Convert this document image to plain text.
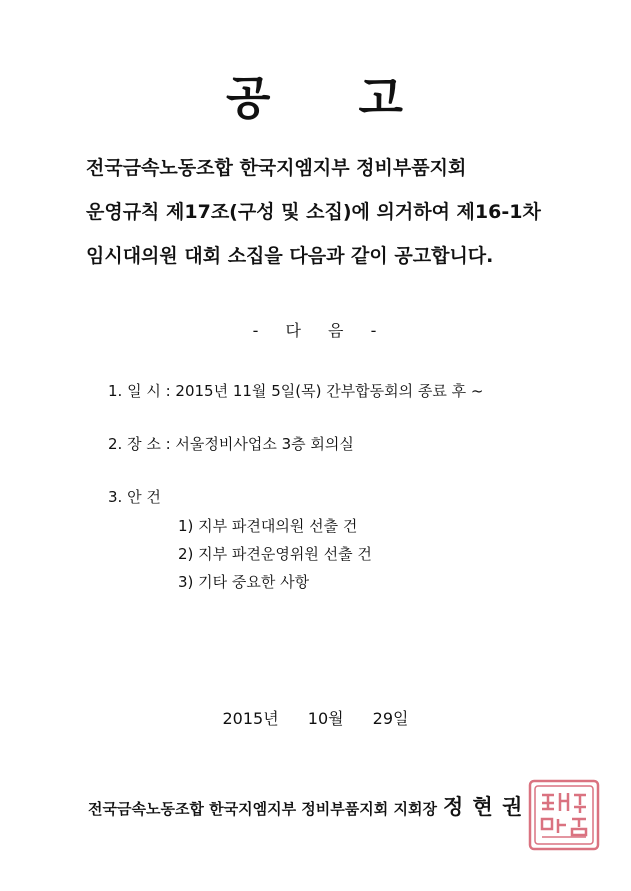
공 고
전국금속노동조합 한국지엠지부 정비부품지회
운영규칙 제17조(구성 및 소집)에 의거하여 제16-1차
임시대의원 대회 소집을 다음과 같이 공고합니다.
- 다 음 -
1. 일 시 : 2015년 11월 5일(목) 간부합동회의 종료 후 ~
2. 장 소 : 서울정비사업소 3층 회의실
3. 안 건
1) 지부 파견대의원 선출 건
2) 지부 파견운영위원 선출 건
3) 기타 중요한 사항
2015년 10월 29일
전국금속노동조합 한국지엠지부 정비부품지회 지회장 정 현 권
